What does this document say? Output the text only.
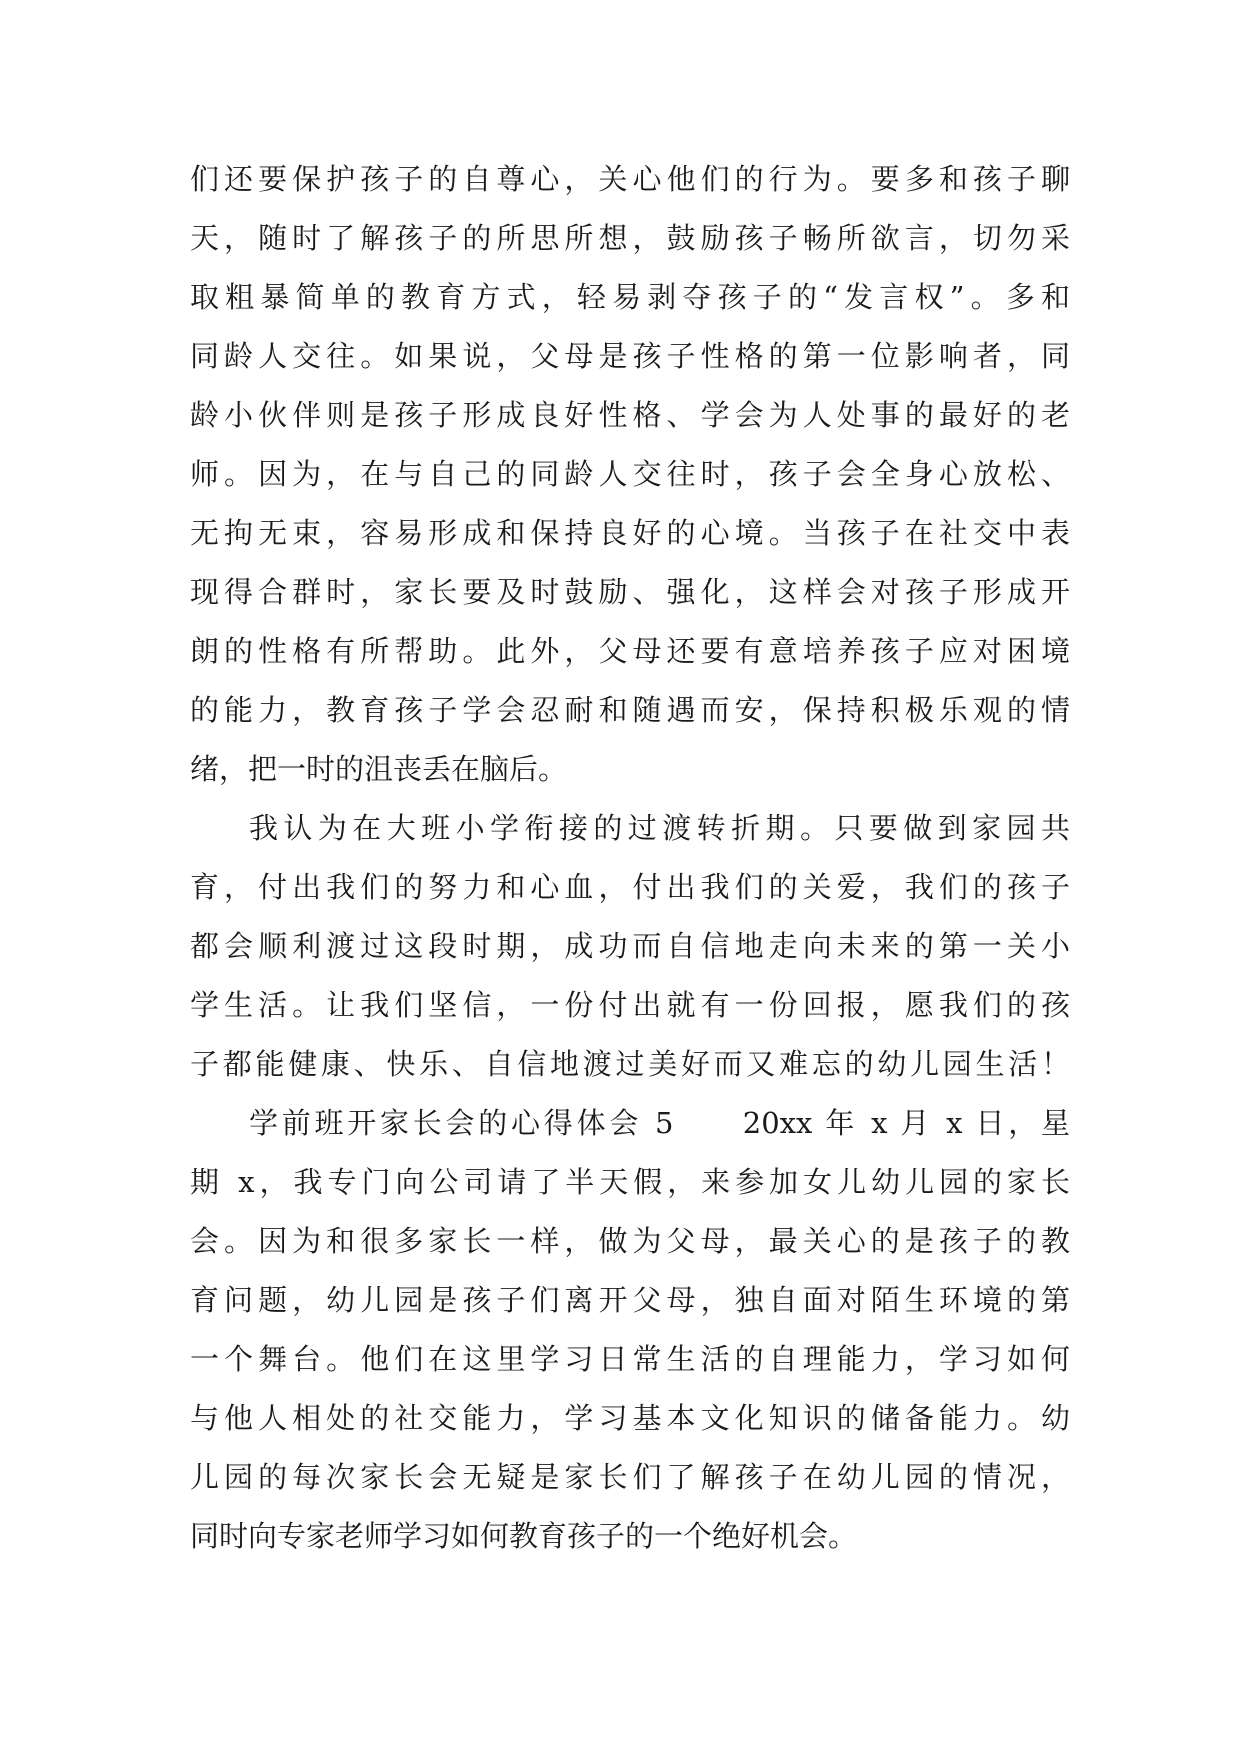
们还要保护孩子的自尊心，关心他们的行为。要多和孩子聊
天，随时了解孩子的所思所想，鼓励孩子畅所欲言，切勿采
取粗暴简单的教育方式，轻易剥夺孩子的“发言权”。多和
同龄人交往。如果说，父母是孩子性格的第一位影响者，同
龄小伙伴则是孩子形成良好性格、学会为人处事的最好的老
师。因为，在与自己的同龄人交往时，孩子会全身心放松、
无拘无束，容易形成和保持良好的心境。当孩子在社交中表
现得合群时，家长要及时鼓励、强化，这样会对孩子形成开
朗的性格有所帮助。此外，父母还要有意培养孩子应对困境
的能力，教育孩子学会忍耐和随遇而安，保持积极乐观的情
绪，把一时的沮丧丢在脑后。
我认为在大班小学衔接的过渡转折期。只要做到家园共
育，付出我们的努力和心血，付出我们的关爱，我们的孩子
都会顺利渡过这段时期，成功而自信地走向未来的第一关小
学生活。让我们坚信，一份付出就有一份回报，愿我们的孩
子都能健康、快乐、自信地渡过美好而又难忘的幼儿园生活！
学前班开家长会的心得体会 5　　20xx 年 x 月 x 日，星
期 x，我专门向公司请了半天假，来参加女儿幼儿园的家长
会。因为和很多家长一样，做为父母，最关心的是孩子的教
育问题，幼儿园是孩子们离开父母，独自面对陌生环境的第
一个舞台。他们在这里学习日常生活的自理能力，学习如何
与他人相处的社交能力，学习基本文化知识的储备能力。幼
儿园的每次家长会无疑是家长们了解孩子在幼儿园的情况，
同时向专家老师学习如何教育孩子的一个绝好机会。
